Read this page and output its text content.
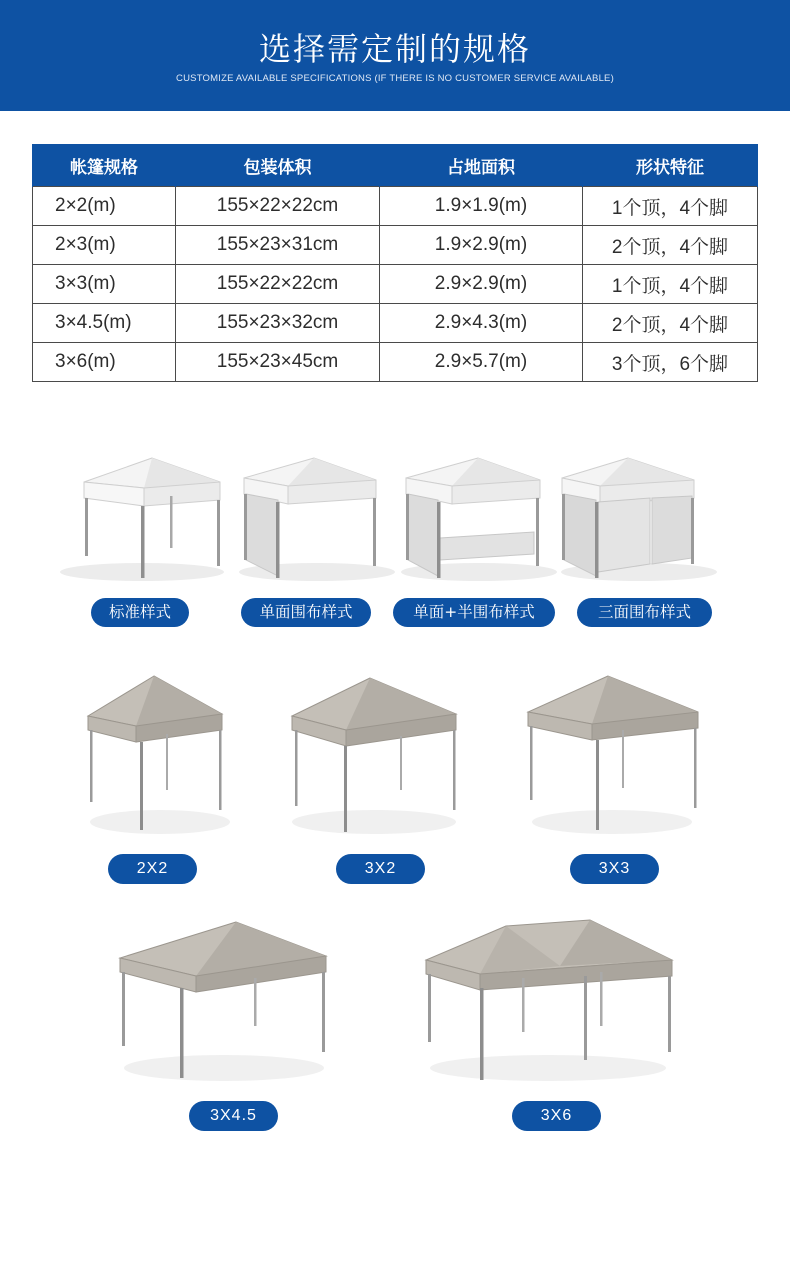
选择需定制的规格
CUSTOMIZE AVAILABLE SPECIFICATIONS (IF THERE IS NO CUSTOMER SERVICE AVAILABLE)
帐篷规格	包装体积	占地面积	形状特征
2×2(m)	155×22×22cm	1.9×1.9(m)	1个顶，4个脚
2×3(m)	155×23×31cm	1.9×2.9(m)	2个顶，4个脚
3×3(m)	155×22×22cm	2.9×2.9(m)	1个顶，4个脚
3×4.5(m)	155×23×32cm	2.9×4.3(m)	2个顶，4个脚
3×6(m)	155×23×45cm	2.9×5.7(m)	3个顶，6个脚
标准样式	单面围布样式	单面+半围布样式	三面围布样式
2X2	3X2	3X3
3X4.5	3X6
